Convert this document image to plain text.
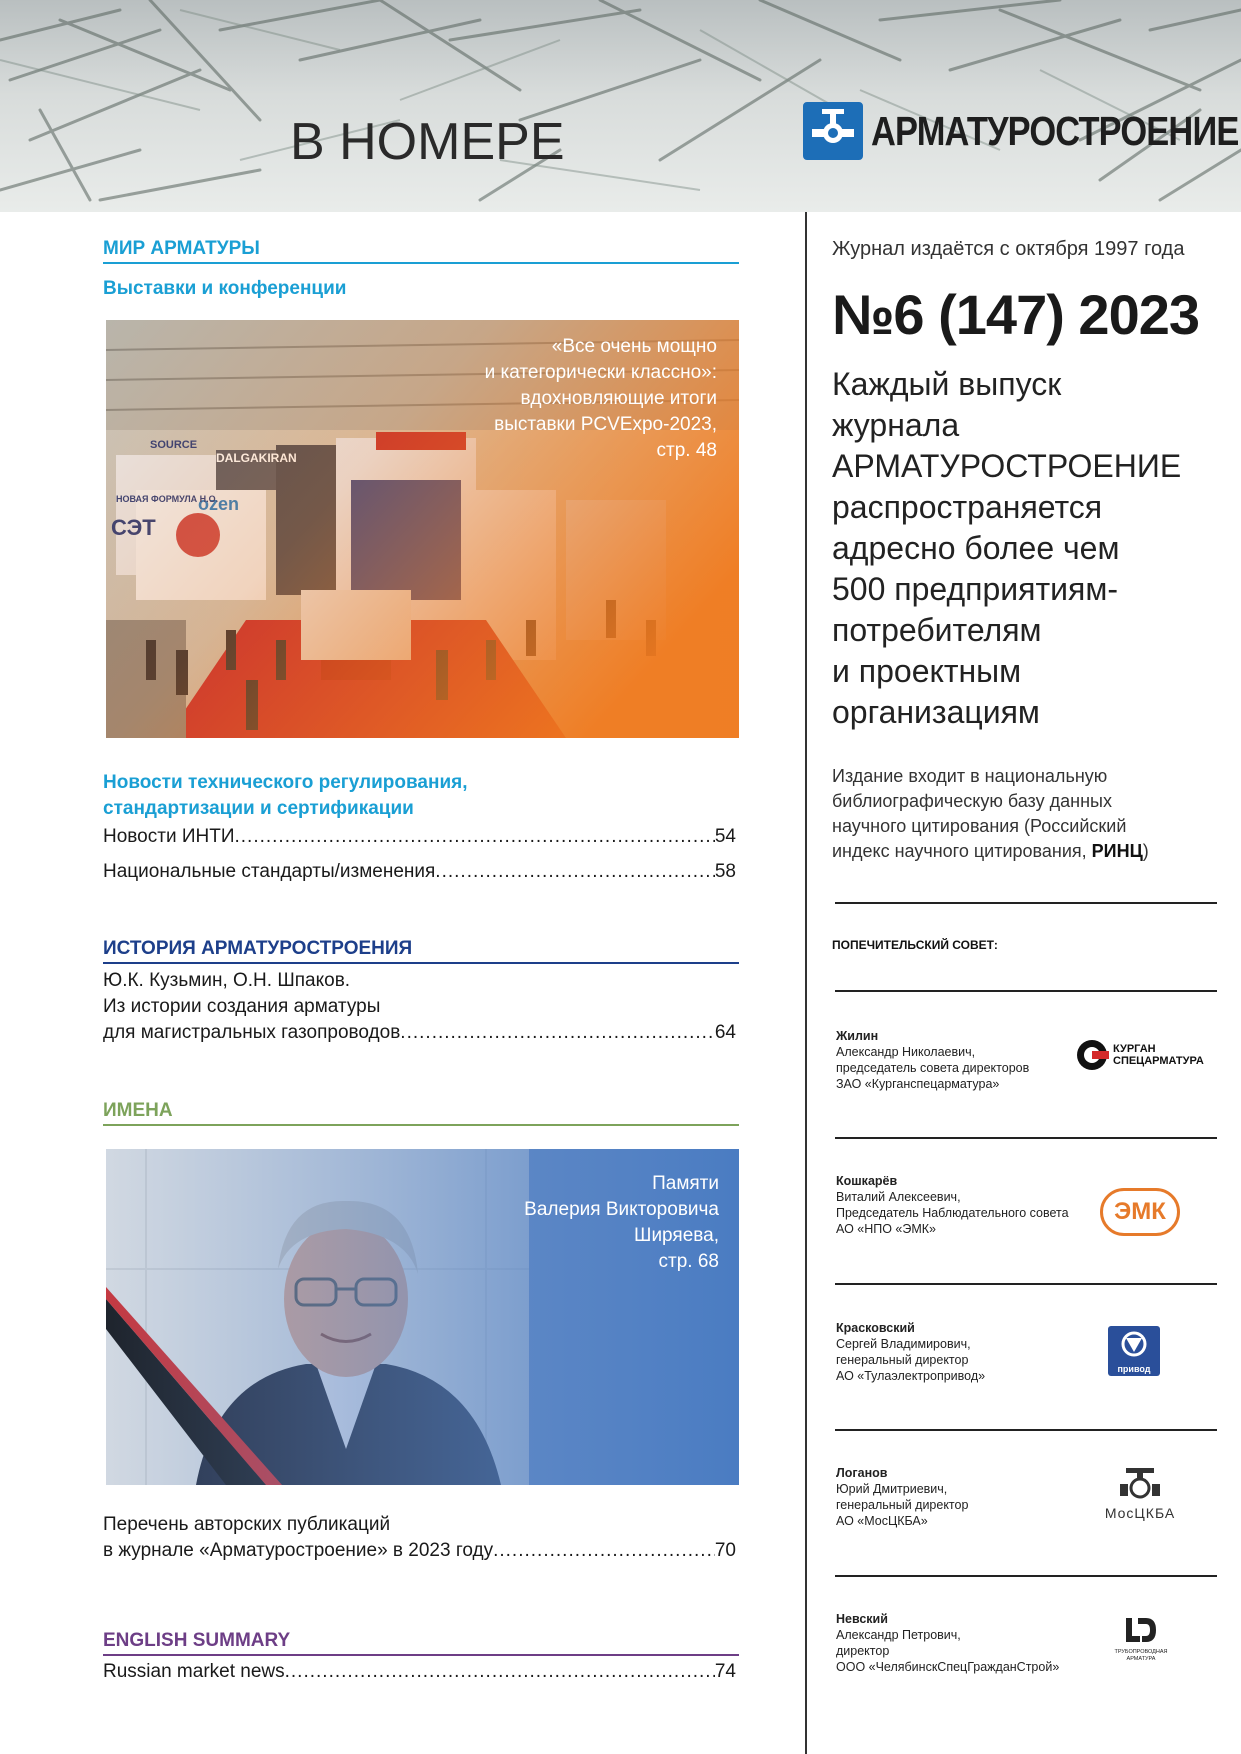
В НОМЕРЕ	АРМАТУРОСТРОЕНИЕ
МИР АРМАТУРЫ
Выставки и конференции
«Все очень мощно
и категорически классно»:
вдохновляющие итоги
выставки PCVExpo-2023,
стр. 48
Новости технического регулирования,
стандартизации и сертификации
Новости ИНТИ .....	54
Национальные стандарты/изменения .....	58
ИСТОРИЯ АРМАТУРОСТРОЕНИЯ
Ю.К. Кузьмин, О.Н. Шпаков.
Из истории создания арматуры
для магистральных газопроводов .....	64
ИМЕНА
Памяти
Валерия Викторовича
Ширяева,
стр. 68
Перечень авторских публикаций
в журнале «Арматуростроение» в 2023 году .....	70
ENGLISH SUMMARY
Russian market news .....	74
Журнал издаётся с октября 1997 года
№6 (147) 2023
Каждый выпуск
журнала
АРМАТУРОСТРОЕНИЕ
распространяется
адресно более чем
500 предприятиям-
потребителям
и проектным
организациям
Издание входит в национальную
библиографическую базу данных
научного цитирования (Российский
индекс научного цитирования, РИНЦ)
ПОПЕЧИТЕЛЬСКИЙ СОВЕТ:
Жилин
Александр Николаевич,
председатель совета директоров
ЗАО «Курганспецарматура»
КУРГАН
СПЕЦАРМАТУРА
Кошкарёв
Виталий Алексеевич,
Председатель Наблюдательного совета
АО «НПО «ЭМК»
ЭМК
Красковский
Сергей Владимирович,
генеральный директор
АО «Тулаэлектропривод»	привод
Логанов
Юрий Дмитриевич,
генеральный директор
АО «МосЦКБА»	МосЦКБА
Невский
Александр Петрович,
директор
ООО «ЧелябинскСпецГражданСтрой»
ТРУБОПРОВОДНАЯ
АРМАТУРА
